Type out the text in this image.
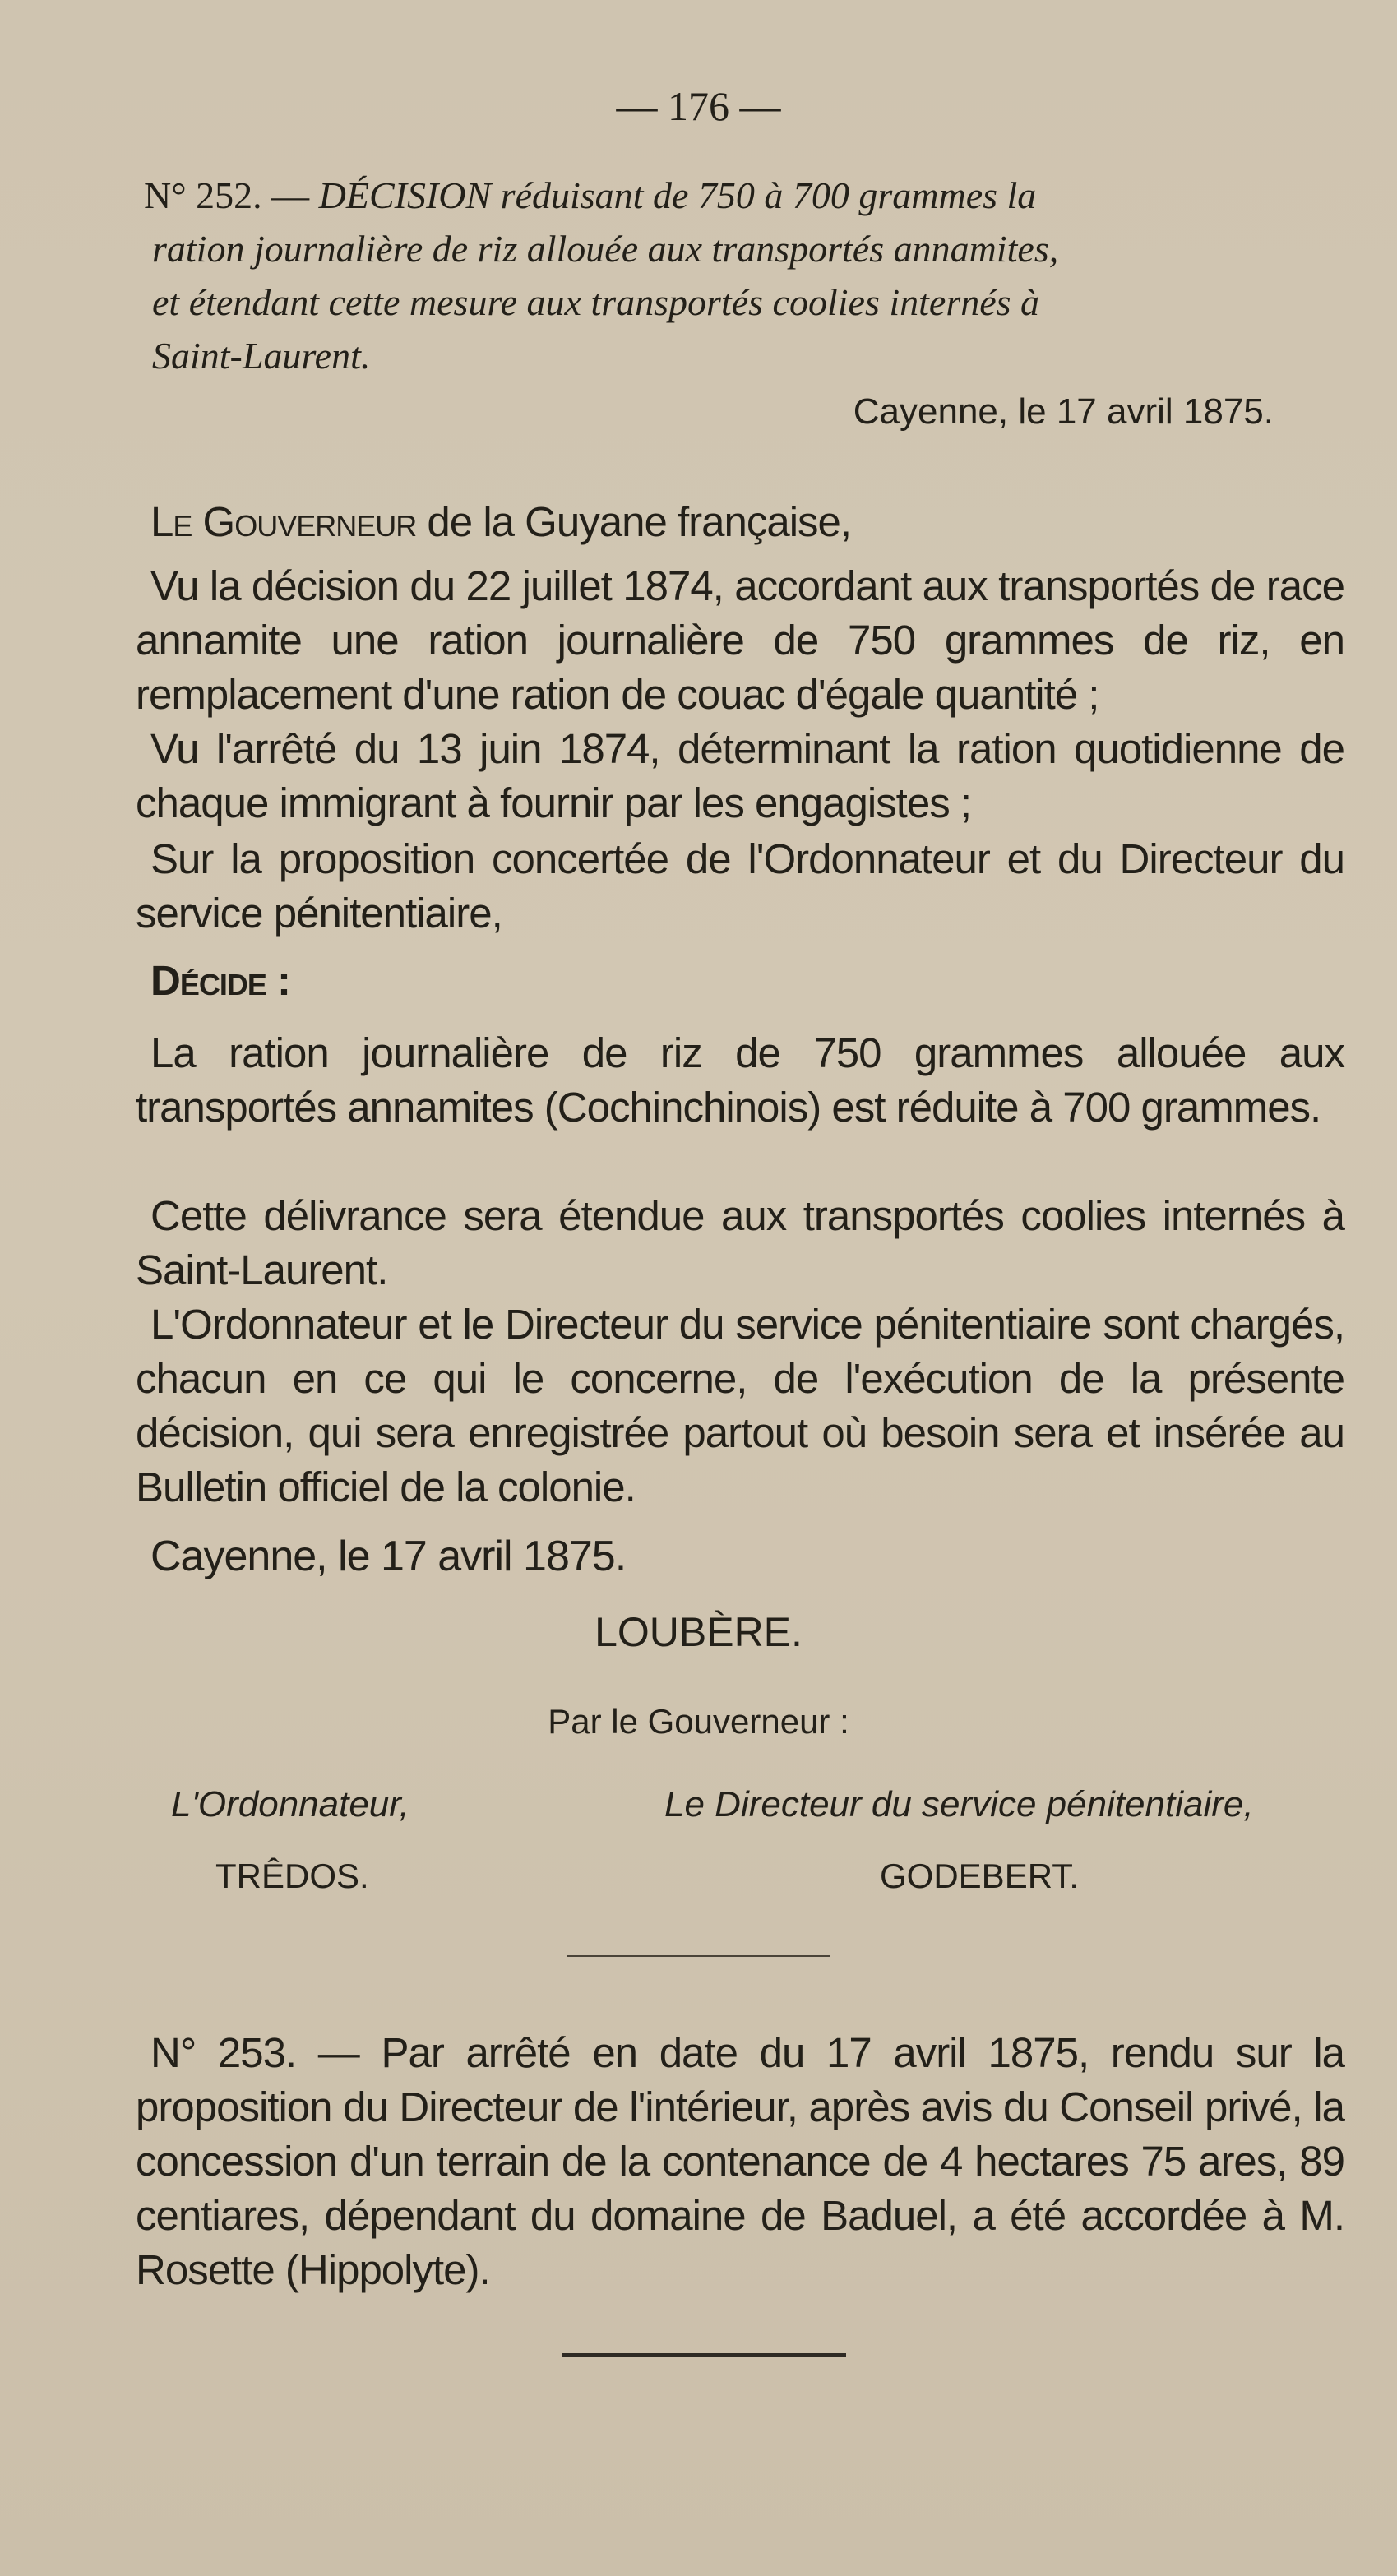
— 176 —
N° 252. — DÉCISION réduisant de 750 à 700 grammes la
ration journalière de riz allouée aux transportés annamites,
et étendant cette mesure aux transportés coolies internés à
Saint-Laurent.
Cayenne, le 17 avril 1875.
Le Gouverneur de la Guyane française,
Vu la décision du 22 juillet 1874, accordant aux transportés de race annamite une ration journalière de 750 grammes de riz, en remplacement d'une ration de couac d'égale quantité ;
Vu l'arrêté du 13 juin 1874, déterminant la ration quotidienne de chaque immigrant à fournir par les engagistes ;
Sur la proposition concertée de l'Ordonnateur et du Directeur du service pénitentiaire,
Décide :
La ration journalière de riz de 750 grammes allouée aux transportés annamites (Cochinchinois) est réduite à 700 grammes.
Cette délivrance sera étendue aux transportés coolies internés à Saint-Laurent.
L'Ordonnateur et le Directeur du service pénitentiaire sont chargés, chacun en ce qui le concerne, de l'exécution de la présente décision, qui sera enregistrée partout où besoin sera et insérée au Bulletin officiel de la colonie.
Cayenne, le 17 avril 1875.
LOUBÈRE.
Par le Gouverneur :
L'Ordonnateur,	Le Directeur du service pénitentiaire,
TRÊDOS.	GODEBERT.
N° 253. — Par arrêté en date du 17 avril 1875, rendu sur la proposition du Directeur de l'intérieur, après avis du Conseil privé, la concession d'un terrain de la contenance de 4 hectares 75 ares, 89 centiares, dépendant du domaine de Baduel, a été accordée à M. Rosette (Hippolyte).
